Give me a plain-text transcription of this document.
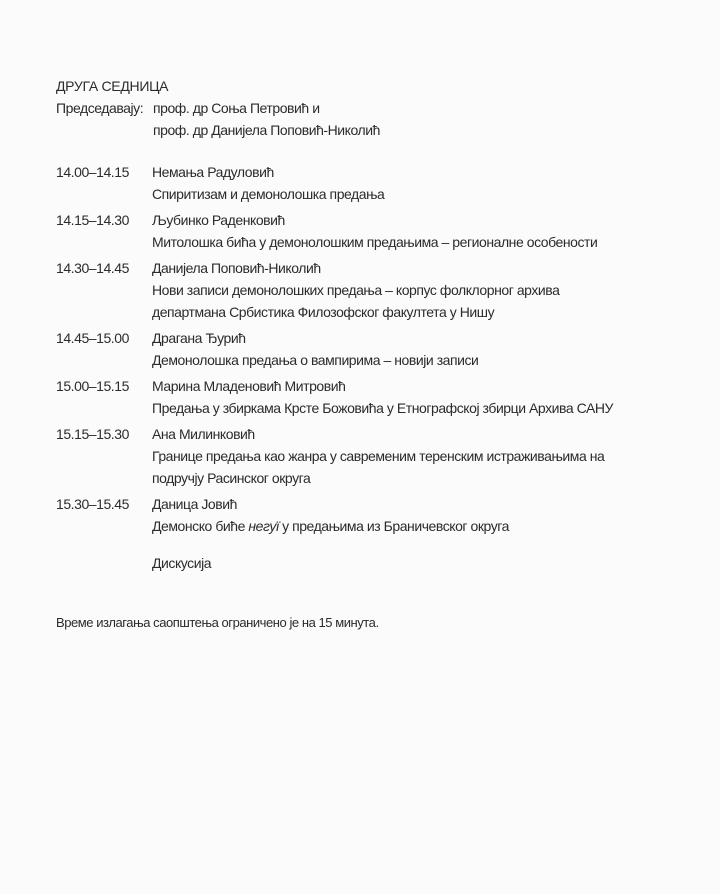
ДРУГА СЕДНИЦА
Председавају: проф. др Соња Петровић и
проф. др Данијела Поповић-Николић
14.00–14.15 Немања Радуловић
Спиритизам и демонолошка предања
14.15–14.30 Љубинко Раденковић
Митолошка бића у демонолошким предањима – регионалне особености
14.30–14.45 Данијела Поповић-Николић
Нови записи демонолошких предања – корпус фолклорног архива
департмана Србистика Филозофског факултета у Нишу
14.45–15.00 Драгана Ђурић
Демонолошка предања о вампирима – новији записи
15.00–15.15 Марина Младеновић Митровић
Предања у збиркама Крсте Божовића у Етнографској збирци Архива САНУ
15.15–15.30 Ана Милинковић
Границе предања као жанра у савременим теренским истраживањима на
подручју Расинског округа
15.30–15.45 Даница Јовић
Демонско биће нeгуї у предањима из Браничевског округа
Дискусија
Време излагања саопштења ограничено је на 15 минута.
